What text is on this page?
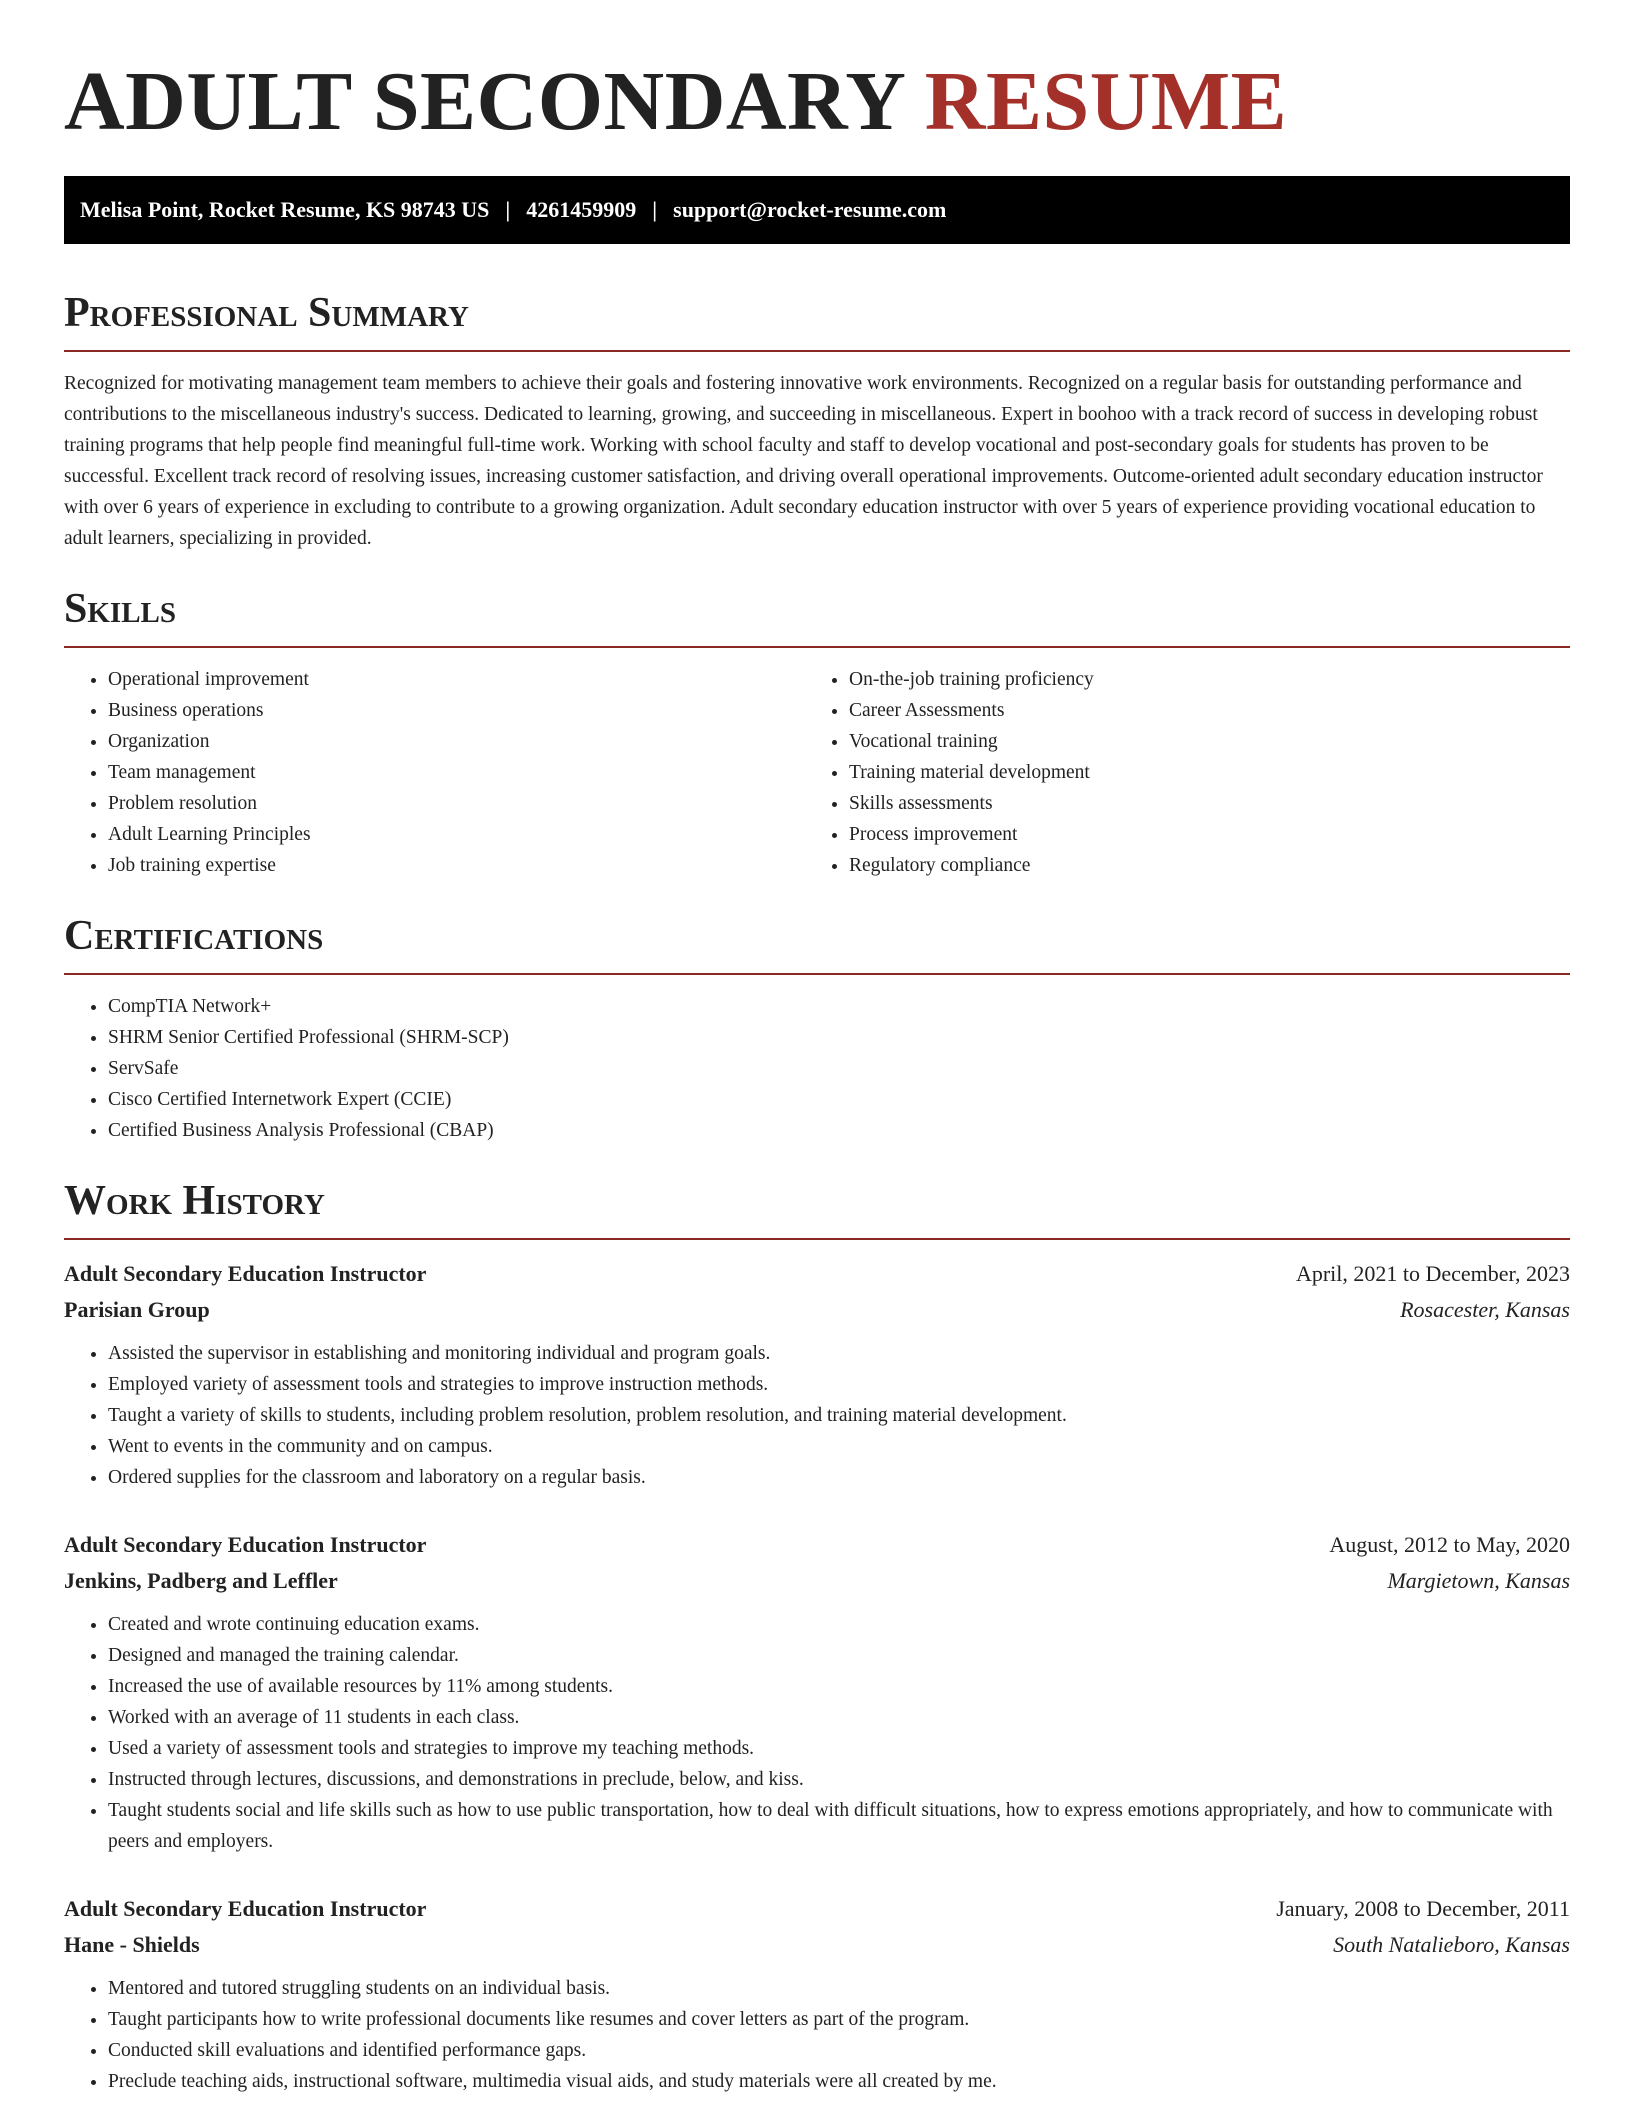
ADULT SECONDARY RESUME
Melisa Point, Rocket Resume, KS 98743 US | 4261459909 | support@rocket-resume.com
Professional Summary

Recognized for motivating management team members to achieve their goals and fostering innovative work environments. Recognized on a regular basis for outstanding performance and contributions to the miscellaneous industry's success. Dedicated to learning, growing, and succeeding in miscellaneous. Expert in boohoo with a track record of success in developing robust training programs that help people find meaningful full-time work. Working with school faculty and staff to develop vocational and post-secondary goals for students has proven to be successful. Excellent track record of resolving issues, increasing customer satisfaction, and driving overall operational improvements. Outcome-oriented adult secondary education instructor with over 6 years of experience in excluding to contribute to a growing organization. Adult secondary education instructor with over 5 years of experience providing vocational education to adult learners, specializing in provided.

Skills
• Operational improvement
• Business operations
• Organization
• Team management
• Problem resolution
• Adult Learning Principles
• Job training expertise
• On-the-job training proficiency
• Career Assessments
• Vocational training
• Training material development
• Skills assessments
• Process improvement
• Regulatory compliance
Certifications
• CompTIA Network+
• SHRM Senior Certified Professional (SHRM-SCP)
• ServSafe
• Cisco Certified Internetwork Expert (CCIE)
• Certified Business Analysis Professional (CBAP)
Work History
Adult Secondary Education Instructor	April, 2021 to December, 2023
Parisian Group	Rosacester, Kansas
• Assisted the supervisor in establishing and monitoring individual and program goals.
• Employed variety of assessment tools and strategies to improve instruction methods.
• Taught a variety of skills to students, including problem resolution, problem resolution, and training material development.
• Went to events in the community and on campus.
• Ordered supplies for the classroom and laboratory on a regular basis.
Adult Secondary Education Instructor	August, 2012 to May, 2020
Jenkins, Padberg and Leffler	Margietown, Kansas
• Created and wrote continuing education exams.
• Designed and managed the training calendar.
• Increased the use of available resources by 11% among students.
• Worked with an average of 11 students in each class.
• Used a variety of assessment tools and strategies to improve my teaching methods.
• Instructed through lectures, discussions, and demonstrations in preclude, below, and kiss.
• Taught students social and life skills such as how to use public transportation, how to deal with difficult situations, how to express emotions appropriately, and how to communicate with peers and employers.
Adult Secondary Education Instructor	January, 2008 to December, 2011
Hane - Shields	South Natalieboro, Kansas
• Mentored and tutored struggling students on an individual basis.
• Taught participants how to write professional documents like resumes and cover letters as part of the program.
• Conducted skill evaluations and identified performance gaps.
• Preclude teaching aids, instructional software, multimedia visual aids, and study materials were all created by me.
